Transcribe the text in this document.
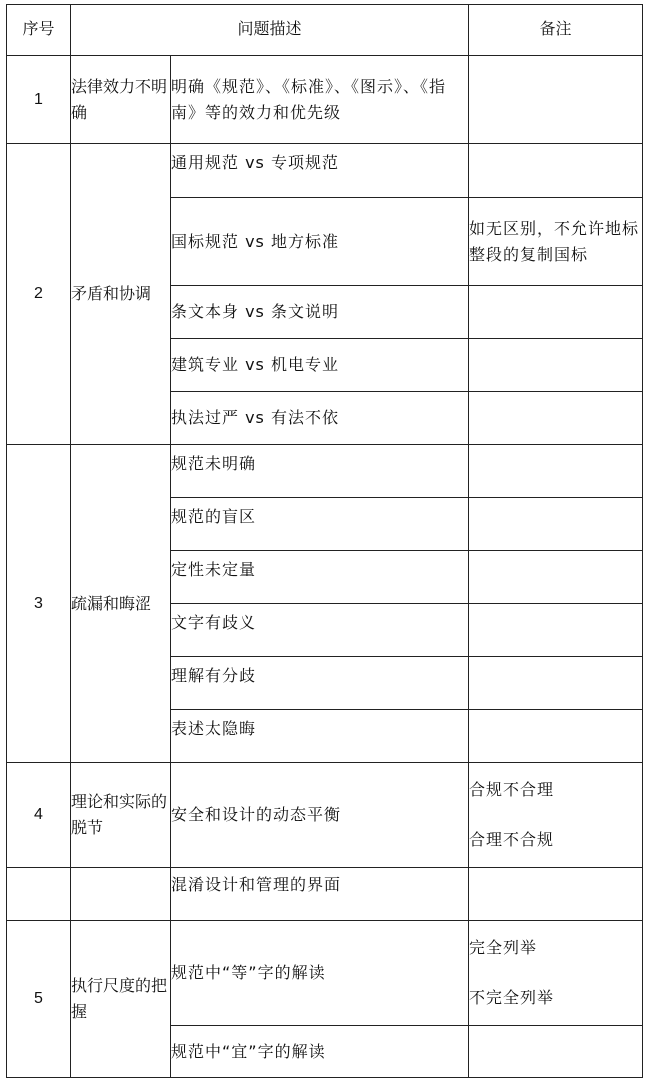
序号	问题描述		备注
1	法律效力不明确	明确《规范》、《标准》、《图示》、《指南》等的效力和优先级	

2	矛盾和协调	通用规范 vs 专项规范	
		国标规范 vs 地方标准	如无区别，不允许地标整段的复制国标

		条文本身 vs 条文说明	
		建筑专业 vs 机电专业	
		执法过严 vs 有法不依	
3	疏漏和晦涩	规范未明确	
		规范的盲区	
		定性未定量	
		文字有歧义	
		理解有分歧	
		表述太隐晦	
4	理论和实际的脱节	安全和设计的动态平衡	合规不合理
合理不合规

		混淆设计和管理的界面	
5	执行尺度的把握	规范中“等”字的解读	完全列举
不完全列举

		规范中“宜”字的解读	
